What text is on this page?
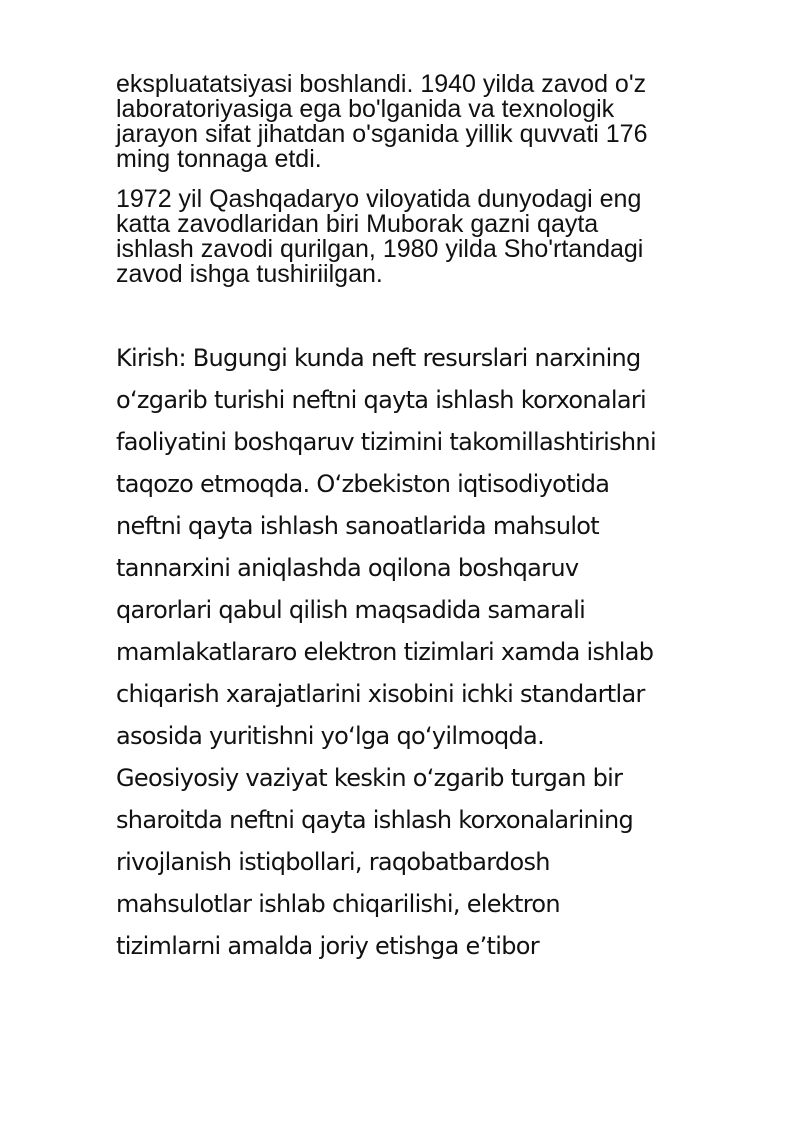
ekspluatatsiyasi boshlandi. 1940 yilda zavod o'z
laboratoriyasiga ega bo'lganida va texnologik
jarayon sifat jihatdan o'sganida yillik quvvati 176
ming tonnaga etdi.

1972 yil Qashqadaryo viloyatida dunyodagi eng
katta zavodlaridan biri Muborak gazni qayta
ishlash zavodi qurilgan, 1980 yilda Sho'rtandagi
zavod ishga tushiriilgan.

Kirish: Bugungi kunda neft resurslari narxining
o‘zgarib turishi neftni qayta ishlash korxonalari
faoliyatini boshqaruv tizimini takomillashtirishni
taqozo etmoqda. O‘zbekiston iqtisodiyotida
neftni qayta ishlash sanoatlarida mahsulot
tannarxini aniqlashda oqilona boshqaruv
qarorlari qabul qilish maqsadida samarali
mamlakatlararo elektron tizimlari xamda ishlab
chiqarish xarajatlarini xisobini ichki standartlar
asosida yuritishni yo‘lga qo‘yilmoqda.
Geosiyosiy vaziyat keskin o‘zgarib turgan bir
sharoitda neftni qayta ishlash korxonalarining
rivojlanish istiqbollari, raqobatbardosh
mahsulotlar ishlab chiqarilishi, elektron
tizimlarni amalda joriy etishga e’tibor
